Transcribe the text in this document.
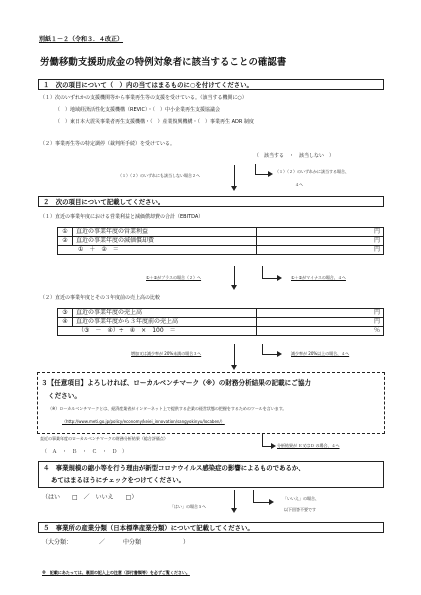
別紙１－２（令和３．４改正）
労働移動支援助成金の特例対象者に該当することの確認書
１　次の項目について（　）内の当てはまるものに○を付けてください。
（１）次のいずれかの支援機関等から事業再生等の支援を受けている。（該当する機関に○）
（　）地域経済活性化支援機構（REVIC）・（　）中小企業再生支援協議会
（　）東日本大震災事業者再生支援機構・（　）産業復興機構・（　）事業再生 ADR 制度
（２）事業再生等の特定調停（裁判所手続）を受けている。
（　該当する　・　該当しない　）
（１）（２）のいずれにも該当しない場合２へ
（１）（２）のいずれかに該当する場合、
４へ
２　次の項目について記載してください。
（１）直近の事業年度における営業利益と減価償却費の合計（EBITDA）
①	直近の事業年度の営業利益	円
②	直近の事業年度の減価償却費	円
①　＋　②　＝		円
①＋②がプラスの場合（２）へ	①＋②がマイナスの場合、４へ
（２）直近の事業年度とその３年度前の売上高の比較
③	直近の事業年度の売上高	円
④	直近の事業年度から３年度前の売上高	円
（③　－　④）÷　④　×　100　＝		％
増加又は減少率が 20%未満の場合３へ	減少率が 20%以上の場合、４へ
３【任意項目】よろしければ、ローカルベンチマーク（※）の財務分析結果の記載にご協力
ください。
（※）ローカルベンチマークとは、経済産業省がインターネット上で提供する企業の経営状態の把握をするためのツールを言います。
（http://www.meti.go.jp/policy/economy/keiei_innovation/sangyokinyu/locaben/）
直近の事業年度のローカルベンチマークの財務分析結果（総合評価点）
（　Ａ　・　Ｂ　・　Ｃ　・　Ｄ　）
分析結果が Ｅ又はＤ の場合、４へ
４　事業規模の縮小等を行う理由が新型コロナウイルス感染症の影響によるものであるか、
あてはまるほうにチェックをつけてください。
（はい　　□　／　いいえ　　□）
「はい」の場合５へ
「いいえ」の場合、
以下回答不要です
５　事業所の産業分類（日本標準産業分類）について記載してください。
（大分類：　　　　　／　　　中分類　　　　　　　）
※　記載にあたっては、裏面の記入上の注意（添付書類等）を必ずご覧ください。
